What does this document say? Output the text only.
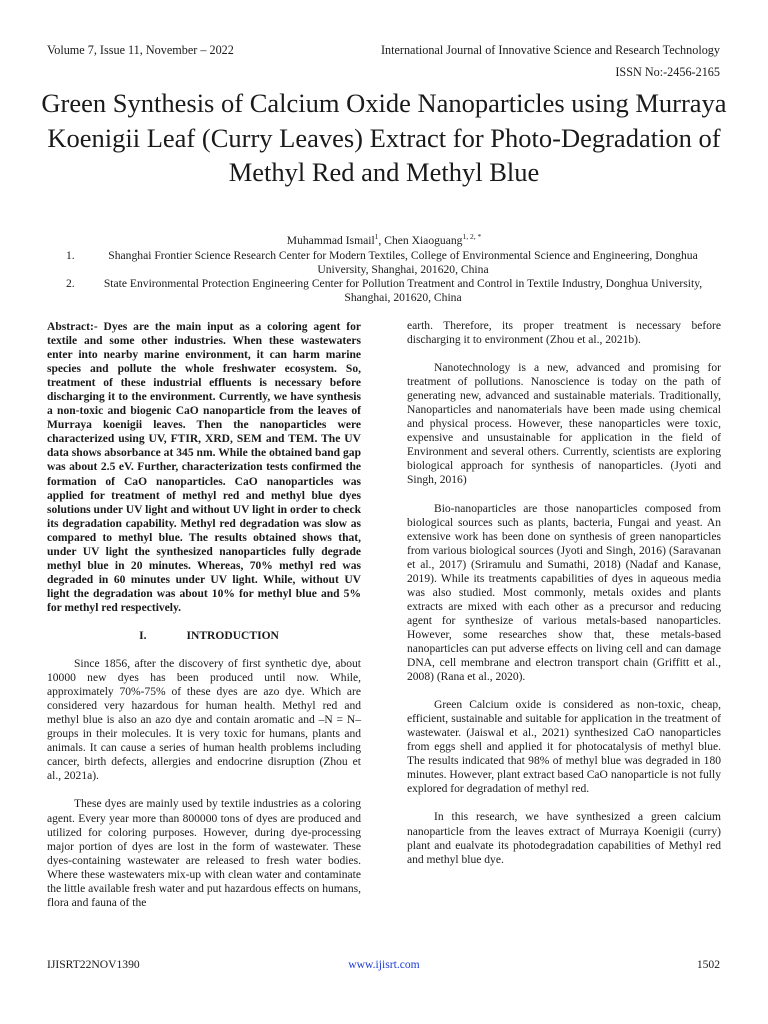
Volume 7, Issue 11, November – 2022	International Journal of Innovative Science and Research Technology
ISSN No:-2456-2165
Green Synthesis of Calcium Oxide Nanoparticles using Murraya Koenigii Leaf (Curry Leaves) Extract for Photo-Degradation of Methyl Red and Methyl Blue
Muhammad Ismail$^1$, Chen Xiaoguang$^{1, 2, *}$
1.	Shanghai Frontier Science Research Center for Modern Textiles, College of Environmental Science and Engineering, Donghua University, Shanghai, 201620, China
2.	State Environmental Protection Engineering Center for Pollution Treatment and Control in Textile Industry, Donghua University, Shanghai, 201620, China

Abstract:- Dyes are the main input as a coloring agent for textile and some other industries. When these wastewaters enter into nearby marine environment, it can harm marine species and pollute the whole freshwater ecosystem. So, treatment of these industrial effluents is necessary before discharging it to the environment. Currently, we have synthesis a non-toxic and biogenic CaO nanoparticle from the leaves of Murraya koenigii leaves. Then the nanoparticles were characterized using UV, FTIR, XRD, SEM and TEM. The UV data shows absorbance at 345 nm. While the obtained band gap was about 2.5 eV. Further, characterization tests confirmed the formation of CaO nanoparticles. CaO nanoparticles was applied for treatment of methyl red and methyl blue dyes solutions under UV light and without UV light in order to check its degradation capability. Methyl red degradation was slow as compared to methyl blue. The results obtained shows that, under UV light the synthesized nanoparticles fully degrade methyl blue in 20 minutes. Whereas, 70% methyl red was degraded in 60 minutes under UV light. While, without UV light the degradation was about 10% for methyl blue and 5% for methyl red respectively.

I.	INTRODUCTION

Since 1856, after the discovery of first synthetic dye, about 10000 new dyes has been produced until now. While, approximately 70%-75% of these dyes are azo dye. Which are considered very hazardous for human health. Methyl red and methyl blue is also an azo dye and contain aromatic and –N = N– groups in their molecules. It is very toxic for humans, plants and animals. It can cause a series of human health problems including cancer, birth defects, allergies and endocrine disruption (Zhou et al., 2021a).

These dyes are mainly used by textile industries as a coloring agent. Every year more than 800000 tons of dyes are produced and utilized for coloring purposes. However, during dye-processing major portion of dyes are lost in the form of wastewater. These dyes-containing wastewater are released to fresh water bodies. Where these wastewaters mix-up with clean water and contaminate the little available fresh water and put hazardous effects on humans, flora and fauna of the

earth. Therefore, its proper treatment is necessary before discharging it to environment (Zhou et al., 2021b).

Nanotechnology is a new, advanced and promising for treatment of pollutions. Nanoscience is today on the path of generating new, advanced and sustainable materials. Traditionally, Nanoparticles and nanomaterials have been made using chemical and physical process. However, these nanoparticles were toxic, expensive and unsustainable for application in the field of Environment and several others. Currently, scientists are exploring biological approach for synthesis of nanoparticles. (Jyoti and Singh, 2016)

Bio-nanoparticles are those nanoparticles composed from biological sources such as plants, bacteria, Fungai and yeast. An extensive work has been done on synthesis of green nanoparticles from various biological sources (Jyoti and Singh, 2016) (Saravanan et al., 2017) (Sriramulu and Sumathi, 2018) (Nadaf and Kanase, 2019). While its treatments capabilities of dyes in aqueous media was also studied. Most commonly, metals oxides and plants extracts are mixed with each other as a precursor and reducing agent for synthesize of various metals-based nanoparticles. However, some researches show that, these metals-based nanoparticles can put adverse effects on living cell and can damage DNA, cell membrane and electron transport chain (Griffitt et al., 2008) (Rana et al., 2020).

Green Calcium oxide is considered as non-toxic, cheap, efficient, sustainable and suitable for application in the treatment of wastewater. (Jaiswal et al., 2021) synthesized CaO nanoparticles from eggs shell and applied it for photocatalysis of methyl blue. The results indicated that 98% of methyl blue was degraded in 180 minutes. However, plant extract based CaO nanoparticle is not fully explored for degradation of methyl red.

In this research, we have synthesized a green calcium nanoparticle from the leaves extract of Murraya Koenigii (curry) plant and eualvate its photodegradation capabilities of Methyl red and methyl blue dye.

IJISRT22NOV1390	www.ijisrt.com	1502
